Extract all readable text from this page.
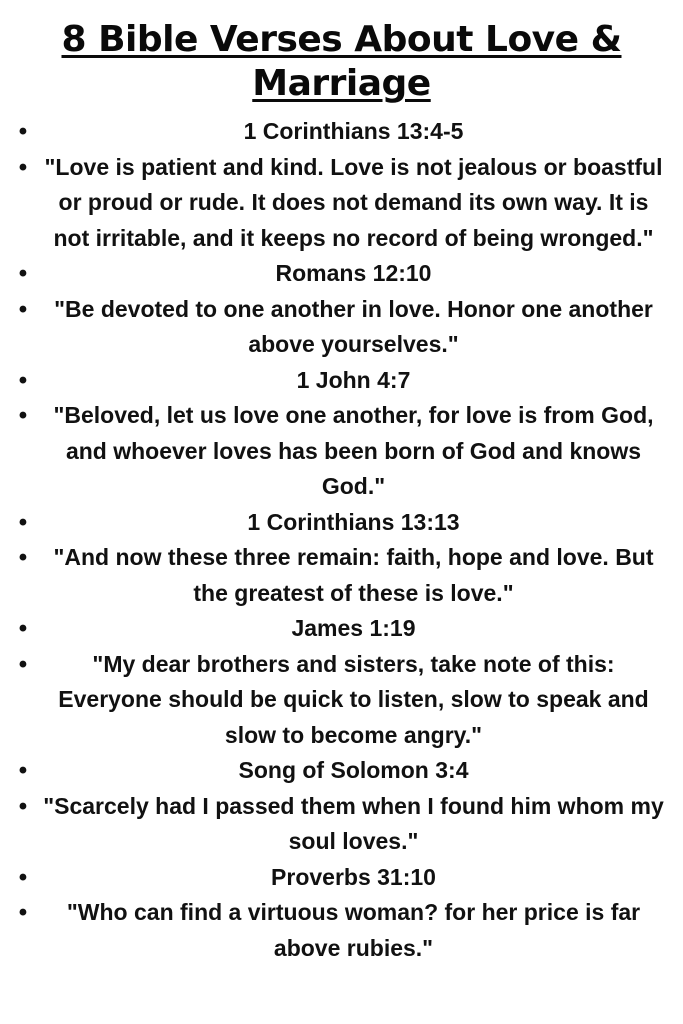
8 Bible Verses About Love & Marriage
•	1 Corinthians 13:4-5
• "Love is patient and kind. Love is not jealous or boastful or proud or rude. It does not demand its own way. It is not irritable, and it keeps no record of being wronged."
•	Romans 12:10
•	"Be devoted to one another in love. Honor one another above yourselves."
•	1 John 4:7
•	"Beloved, let us love one another, for love is from God, and whoever loves has been born of God and knows God."
•	1 Corinthians 13:13
•	"And now these three remain: faith, hope and love. But the greatest of these is love."
•	James 1:19
•	"My dear brothers and sisters, take note of this: Everyone should be quick to listen, slow to speak and slow to become angry."
•	Song of Solomon 3:4
• "Scarcely had I passed them when I found him whom my soul loves."
•	Proverbs 31:10
•	"Who can find a virtuous woman? for her price is far above rubies."
